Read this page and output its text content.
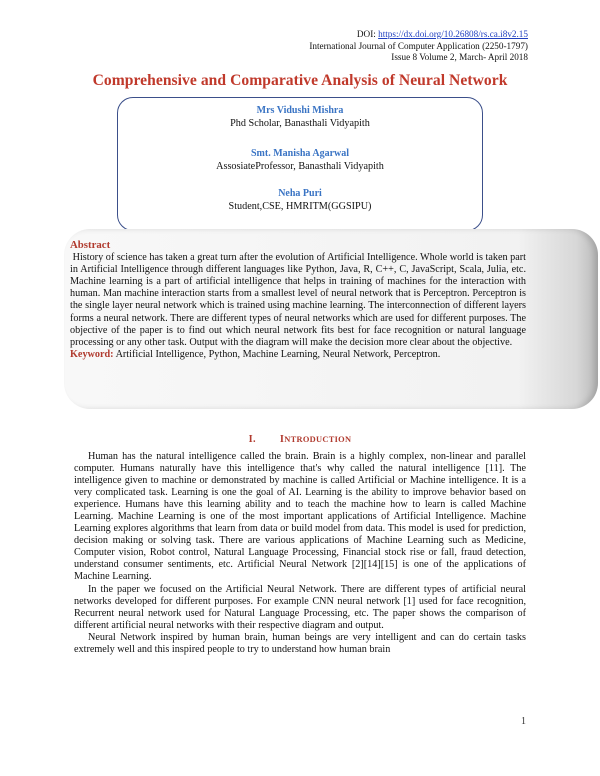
DOI: https://dx.doi.org/10.26808/rs.ca.i8v2.15
International Journal of Computer Application (2250-1797)
Issue 8 Volume 2, March- April 2018
Comprehensive and Comparative Analysis of Neural Network
Mrs Vidushi Mishra
Phd Scholar, Banasthali Vidyapith
Smt. Manisha Agarwal
AssosiateProfessor, Banasthali Vidyapith
Neha Puri
Student,CSE, HMRITM(GGSIPU)
Abstract
History of science has taken a great turn after the evolution of Artificial Intelligence. Whole world is taken part in Artificial Intelligence through different languages like Python, Java, R, C++, C, JavaScript, Scala, Julia, etc. Machine learning is a part of artificial intelligence that helps in training of machines for the interaction with human. Man machine interaction starts from a smallest level of neural network that is Perceptron. Perceptron is the single layer neural network which is trained using machine learning. The interconnection of different layers forms a neural network. There are different types of neural networks which are used for different purposes. The objective of the paper is to find out which neural network fits best for face recognition or natural language processing or any other task. Output with the diagram will make the decision more clear about the objective.
Keyword: Artificial Intelligence, Python, Machine Learning, Neural Network, Perceptron.
I. INTRODUCTION

Human has the natural intelligence called the brain. Brain is a highly complex, non-linear and parallel computer. Humans naturally have this intelligence that's why called the natural intelligence [11]. The intelligence given to machine or demonstrated by machine is called Artificial or Machine intelligence. It is a very complicated task. Learning is one the goal of AI. Learning is the ability to improve behavior based on experience. Humans have this learning ability and to teach the machine how to learn is called Machine Learning. Machine Learning is one of the most important applications of Artificial Intelligence. Machine Learning explores algorithms that learn from data or build model from data. This model is used for prediction, decision making or solving task. There are various applications of Machine Learning such as Medicine, Computer vision, Robot control, Natural Language Processing, Financial stock rise or fall, fraud detection, understand consumer sentiments, etc. Artificial Neural Network [2][14][15] is one of the applications of Machine Learning.

In the paper we focused on the Artificial Neural Network. There are different types of artificial neural networks developed for different purposes. For example CNN neural network [1] used for face recognition, Recurrent neural network used for Natural Language Processing, etc. The paper shows the comparison of different artificial neural networks with their respective diagram and output.

Neural Network inspired by human brain, human beings are very intelligent and can do certain tasks extremely well and this inspired people to try to understand how human brain

1
